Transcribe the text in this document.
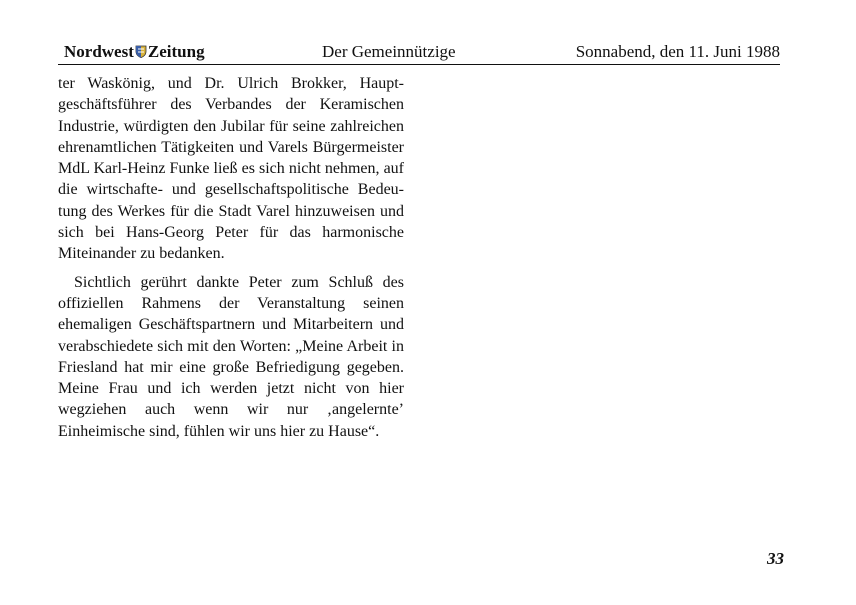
Nordwest Zeitung	Der Gemeinnützige	Sonnabend, den 11. Juni 1988

ter Waskönig, und Dr. Ulrich Brokker, Hauptgeschäftsführer des Verbandes der Keramischen Industrie, würdigten den Jubilar für seine zahlreichen ehrenamtlichen Tätigkeiten und Varels Bürgermeister MdL Karl-Heinz Funke ließ es sich nicht nehmen, auf die wirtschafte- und gesellschaftspolitische Bedeutung des Werkes für die Stadt Varel hinzuweisen und sich bei Hans-Georg Peter für das harmonische Miteinander zu bedanken.

Sichtlich gerührt dankte Peter zum Schluß des offiziellen Rahmens der Veranstaltung seinen ehemaligen Geschäftspartnern und Mitarbeitern und verabschiedete sich mit den Worten: „Meine Arbeit in Friesland hat mir eine große Befriedigung gegeben. Meine Frau und ich werden jetzt nicht von hier wegziehen auch wenn wir nur ‚angelernte’ Einheimische sind, fühlen wir uns hier zu Hause“.

33
